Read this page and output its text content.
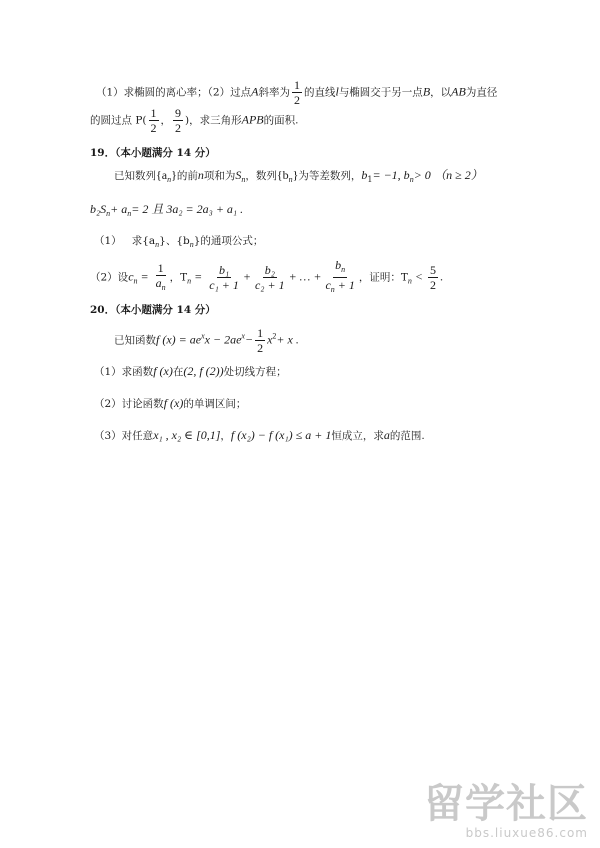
（1）求椭圆的离心率；（2）过点A斜率为 $\frac{1}{2}$ 的直线l与椭圆交于另一点B，以AB为直径
的圆过点 $P( \frac{1}{2}$ ， $\frac{9}{2}$ )，求三角形APB的面积.
19．（本小题满分 14 分）
已知数列$\{a_n\}$的前n项和为$S_n$，数列$\{b_n\}$为等差数列，$b_1= -1$, $b_n> 0$ （n ≥ 2）
$b_2S_n+ a_n= 2$ 且 3a₂ = 2a₃ + a₁ .
（1） 求$\{a_n\}$、$\{b_n\}$的通项公式；
（2）设$c_n = \frac{1}{a_n}$ ，$T_n = \frac{\text{b₁}}{\text{c₁ + 1}} + \frac{\text{b₂}}{\text{c₂ + 1}}$ + … + $\frac{b_n}{c_n + 1}$ ，证明：$T_n < \frac{5}{2}$ .
20．（本小题满分 14 分）
已知函数f $(x) = ae^xx - 2ae^x- \frac{1}{2} x^2+ x$ .
（1）求函数f (x)在(2, f (2))处切线方程；
（2）讨论函数f (x)的单调区间；
（3）对任意x₁ , x₂ ∈ [0,1]，f (x₂) − f (x₁) ≤ a + 1恒成立，求a的范围.
留学社区
bbs.liuxue86.com
